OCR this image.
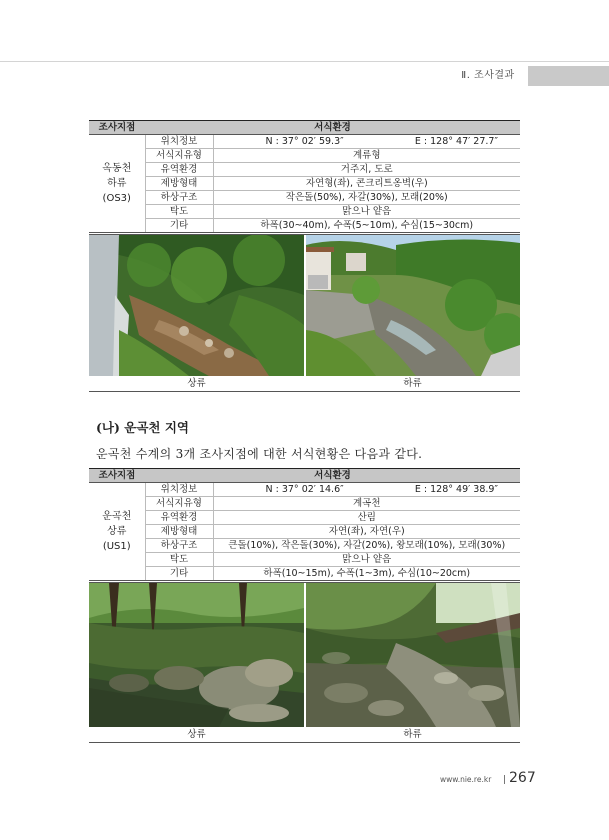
Ⅱ. 조사결과
조사지점	서식환경	
옥동천
하류
(OS3)	위치정보	N : 37° 02′ 59.3″ E : 128° 47′ 27.7″

	서식지유형	계류형
	유역환경	거주지, 도로
	제방형태	자연형(좌), 콘크리트옹벽(우)
	하상구조	작은돌(50%), 자갈(30%), 모래(20%)
	탁도	맑으나 얕음
	기타	하폭(30~40m), 수폭(5~10m), 수심(15~30cm)
상류	하류
(나) 운곡천 지역
운곡천 수계의 3개 조사지점에 대한 서식현황은 다음과 같다.
조사지점	서식환경	
운곡천
상류
(US1)	위치정보	N : 37° 02′ 14.6″ E : 128° 49′ 38.9″

	서식지유형	계곡천
	유역환경	산림
	제방형태	자연(좌), 자연(우)
	하상구조	큰돌(10%), 작은돌(30%), 자갈(20%), 왕모래(10%), 모래(30%)
	탁도	맑으나 얕음
	기타	하폭(10~15m), 수폭(1~3m), 수심(10~20cm)
상류	하류
www.nie.re.kr 267
